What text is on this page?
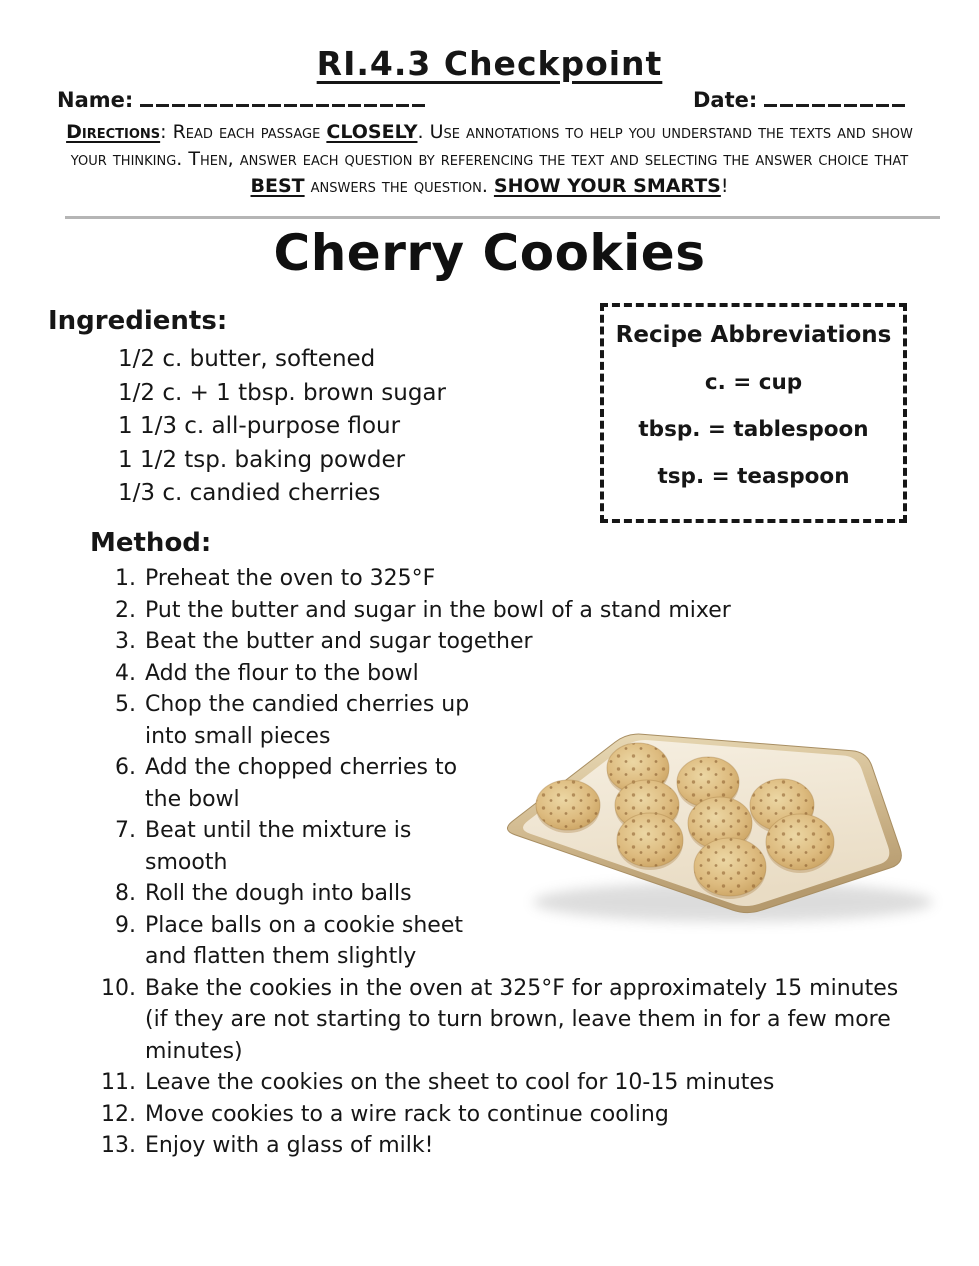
RI.4.3 Checkpoint
Name:	Date:
Directions: Read each passage CLOSELY. Use annotations to help you understand the texts and show your thinking. Then, answer each question by referencing the text and selecting the answer choice that BEST answers the question. SHOW YOUR SMARTS!
Cherry Cookies
Ingredients:
1/2 c. butter, softened
1/2 c. + 1 tbsp. brown sugar
1 1/3 c. all-purpose flour
1 1/2 tsp. baking powder
1/3 c. candied cherries
Recipe Abbreviations
c. = cup
tbsp. = tablespoon
tsp. = teaspoon
Method:
1. Preheat the oven to 325°F
2. Put the butter and sugar in the bowl of a stand mixer
3. Beat the butter and sugar together
4. Add the flour to the bowl
5. Chop the candied cherries up into small pieces
6. Add the chopped cherries to the bowl
7. Beat until the mixture is smooth
8. Roll the dough into balls
9. Place balls on a cookie sheet and flatten them slightly
10. Bake the cookies in the oven at 325°F for approximately 15 minutes (if they are not starting to turn brown, leave them in for a few more minutes)
11. Leave the cookies on the sheet to cool for 10-15 minutes
12. Move cookies to a wire rack to continue cooling
13. Enjoy with a glass of milk!
